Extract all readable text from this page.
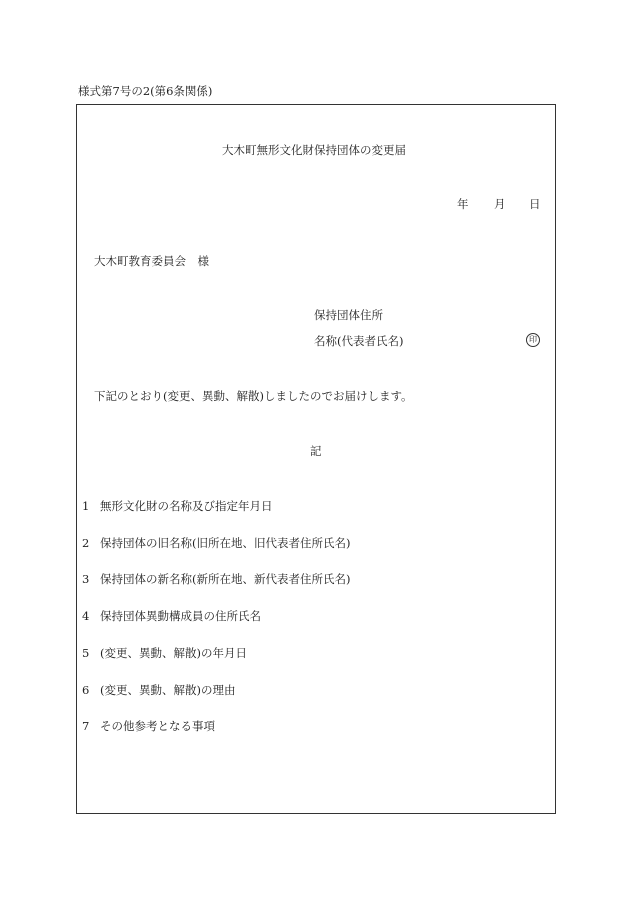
様式第7号の2(第6条関係)
大木町無形文化財保持団体の変更届
年 月 日
大木町教育委員会　様
保持団体住所
名称(代表者氏名)	印
下記のとおり(変更、異動、解散)しましたのでお届けします。
記
1 無形文化財の名称及び指定年月日
2 保持団体の旧名称(旧所在地、旧代表者住所氏名)
3 保持団体の新名称(新所在地、新代表者住所氏名)
4 保持団体異動構成員の住所氏名
5 (変更、異動、解散)の年月日
6 (変更、異動、解散)の理由
7 その他参考となる事項
